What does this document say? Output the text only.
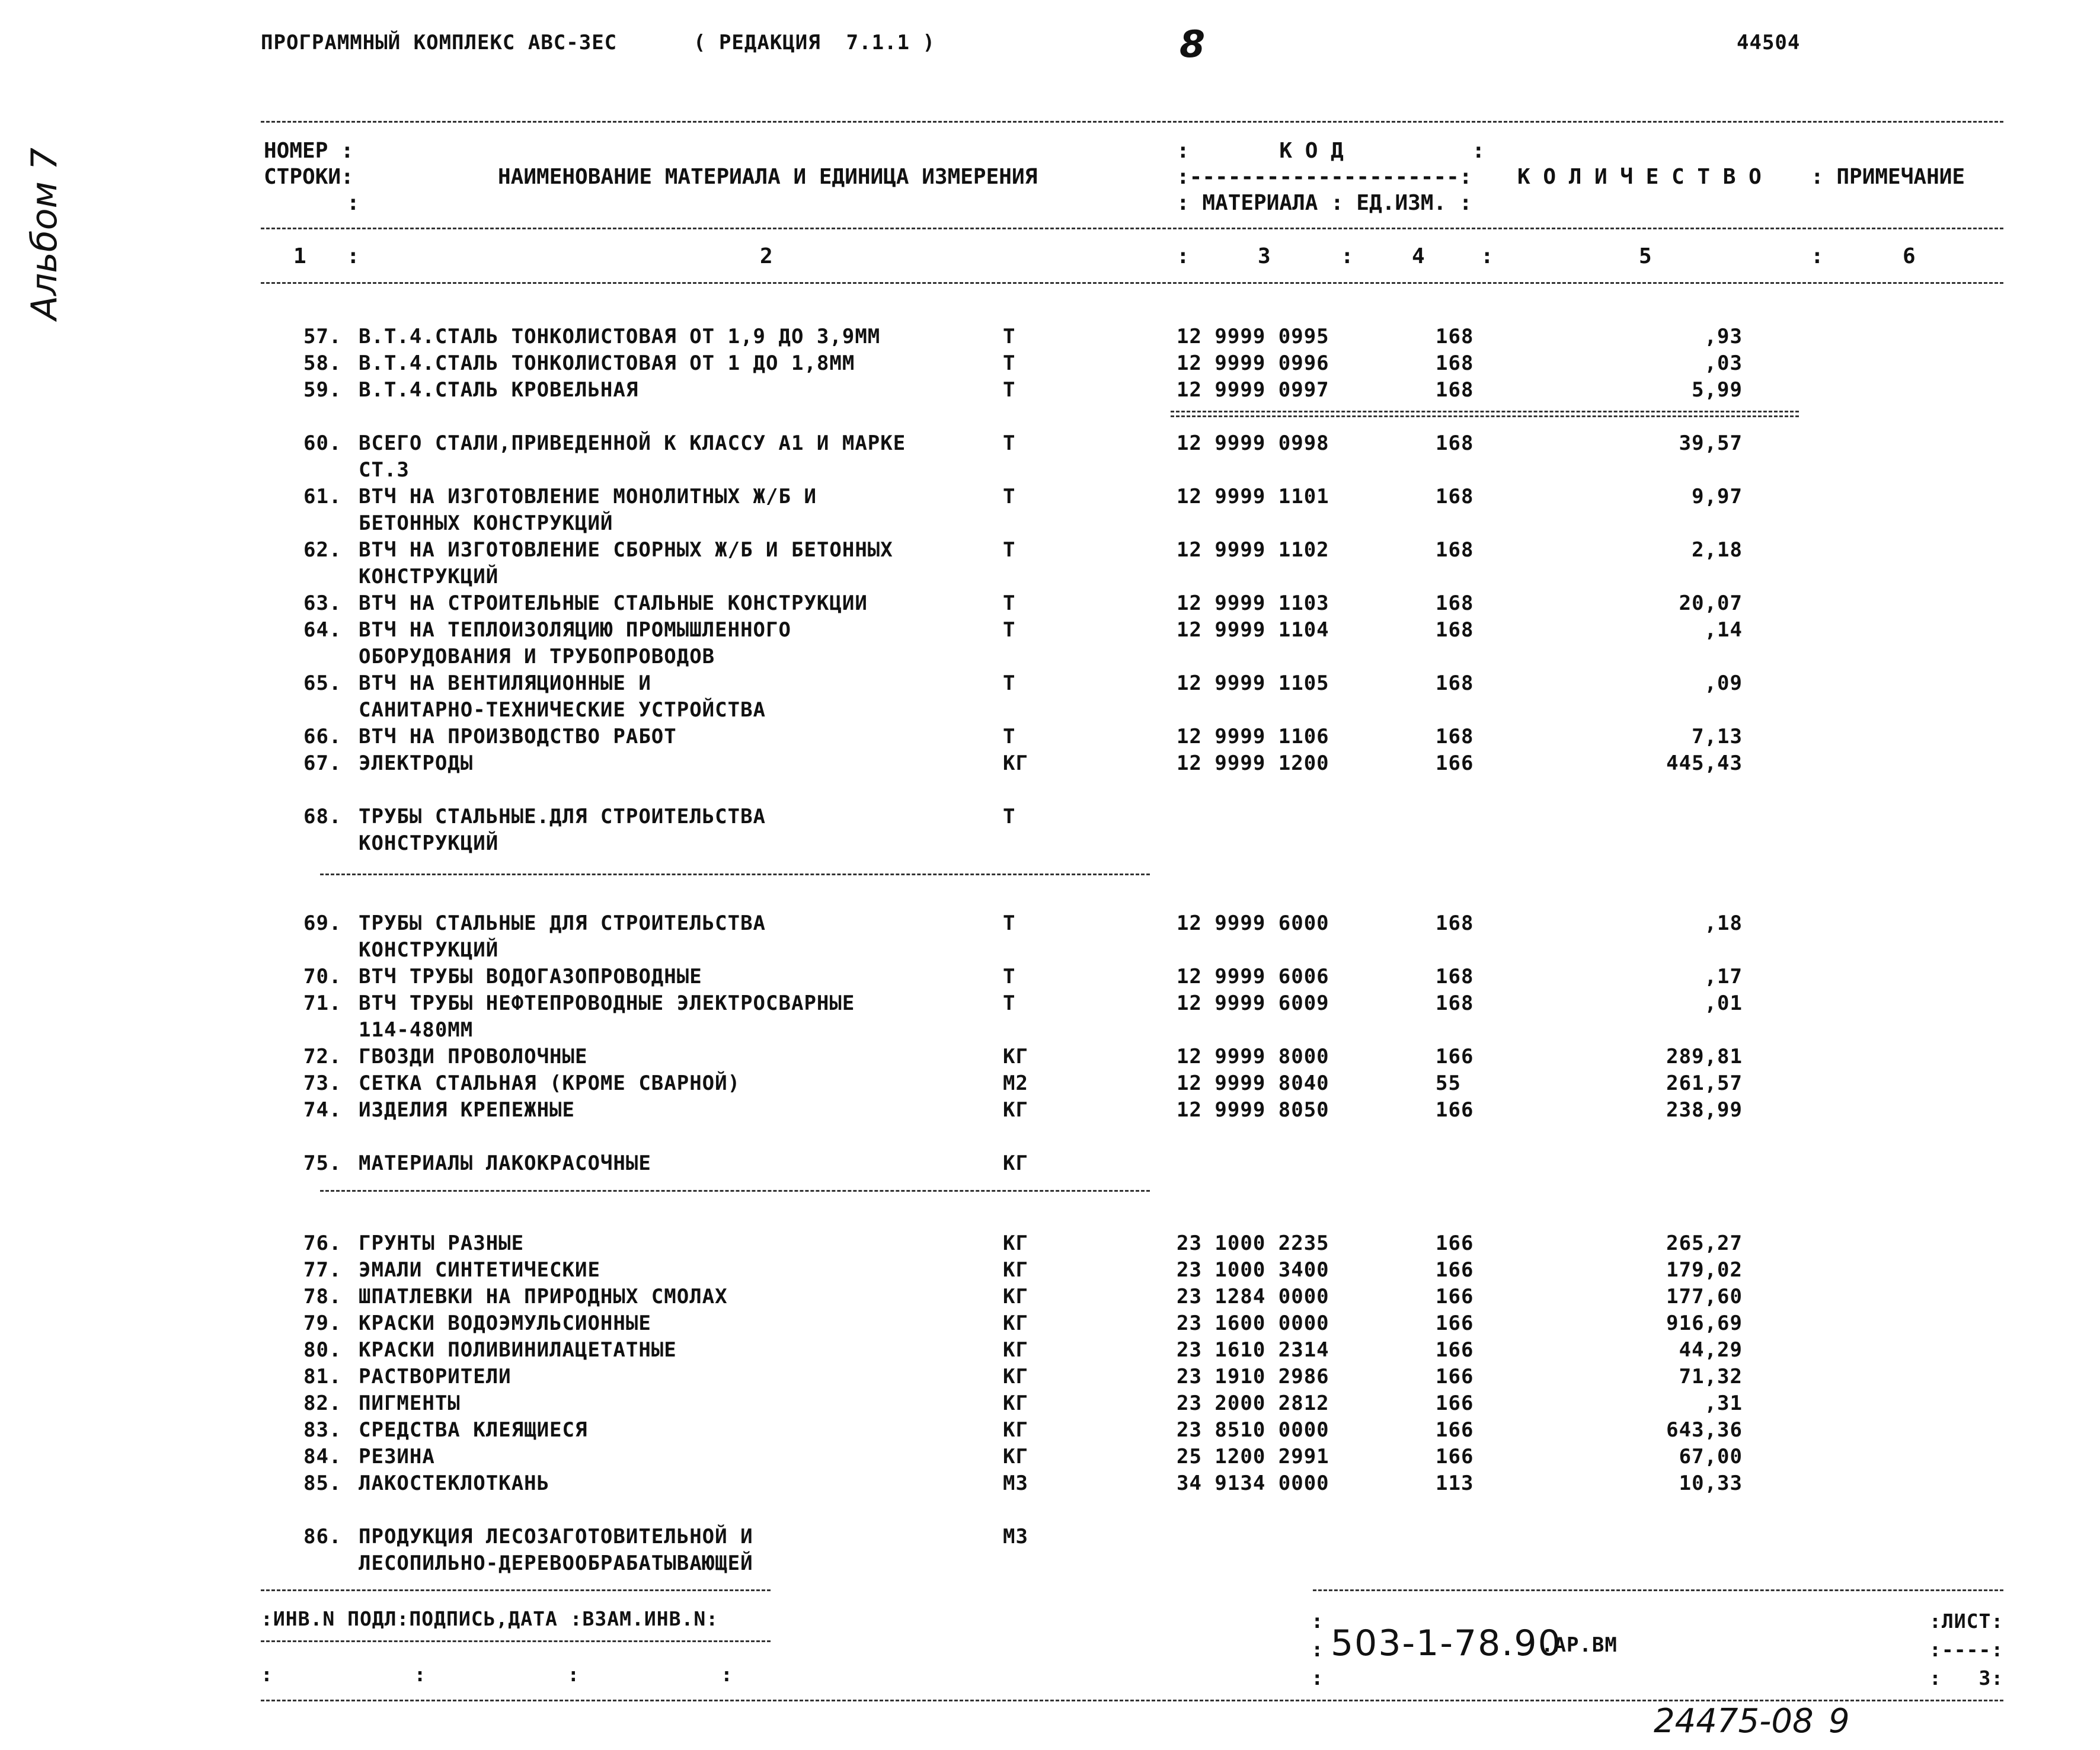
ПРОГРАММНЫЙ КОМПЛЕКС АВС-3ЕС	( РЕДАКЦИЯ  7.1.1 )	8	44504
Альбом 7	НОМЕР :
СТРОКИ:
:
НАИМЕНОВАНИЕ МАТЕРИАЛА И ЕДИНИЦА ИЗМЕРЕНИЯ
:       К О Д          :
:---------------------:
: МАТЕРИАЛА : ЕД.ИЗМ. :
К О Л И Ч Е С Т В О : ПРИМЕЧАНИЕ
1 :	2	:	3	:	4	:	5	:	6
57. В.Т.4.СТАЛЬ ТОНКОЛИСТОВАЯ ОТ 1,9 ДО 3,9ММ	Т	12 9999 0995	168	,93
58. В.Т.4.СТАЛЬ ТОНКОЛИСТОВАЯ ОТ 1 ДО 1,8ММ	Т	12 9999 0996	168	,03
59. В.Т.4.СТАЛЬ КРОВЕЛЬНАЯ	Т	12 9999 0997	168	5,99
60. ВСЕГО СТАЛИ,ПРИВЕДЕННОЙ К КЛАССУ А1 И МАРКЕ
СТ.3
Т	12 9999 0998	168	39,57
61. ВТЧ НА ИЗГОТОВЛЕНИЕ МОНОЛИТНЫХ Ж/Б И
БЕТОННЫХ КОНСТРУКЦИЙ
Т	12 9999 1101	168	9,97
62. ВТЧ НА ИЗГОТОВЛЕНИЕ СБОРНЫХ Ж/Б И БЕТОННЫХ
КОНСТРУКЦИЙ
Т	12 9999 1102	168	2,18
63. ВТЧ НА СТРОИТЕЛЬНЫЕ СТАЛЬНЫЕ КОНСТРУКЦИИ	Т	12 9999 1103	168	20,07
64. ВТЧ НА ТЕПЛОИЗОЛЯЦИЮ ПРОМЫШЛЕННОГО
ОБОРУДОВАНИЯ И ТРУБОПРОВОДОВ
Т	12 9999 1104	168	,14
65. ВТЧ НА ВЕНТИЛЯЦИОННЫЕ И
САНИТАРНО-ТЕХНИЧЕСКИЕ УСТРОЙСТВА
Т	12 9999 1105	168	,09
66. ВТЧ НА ПРОИЗВОДСТВО РАБОТ	Т	12 9999 1106	168	7,13
67. ЭЛЕКТРОДЫ	КГ	12 9999 1200	166	445,43
68. ТРУБЫ СТАЛЬНЫЕ.ДЛЯ СТРОИТЕЛЬСТВА
КОНСТРУКЦИЙ
Т
69. ТРУБЫ СТАЛЬНЫЕ ДЛЯ СТРОИТЕЛЬСТВА
КОНСТРУКЦИЙ
Т	12 9999 6000	168	,18
70. ВТЧ ТРУБЫ ВОДОГАЗОПРОВОДНЫЕ	Т	12 9999 6006	168	,17
71. ВТЧ ТРУБЫ НЕФТЕПРОВОДНЫЕ ЭЛЕКТРОСВАРНЫЕ
114-480ММ
Т	12 9999 6009	168	,01
72. ГВОЗДИ ПРОВОЛОЧНЫЕ	КГ	12 9999 8000	166	289,81
73. СЕТКА СТАЛЬНАЯ (КРОМЕ СВАРНОЙ)	М2	12 9999 8040	55	261,57
74. ИЗДЕЛИЯ КРЕПЕЖНЫЕ	КГ	12 9999 8050	166	238,99
75. МАТЕРИАЛЫ ЛАКОКРАСОЧНЫЕ	КГ
76. ГРУНТЫ РАЗНЫЕ	КГ	23 1000 2235	166	265,27
77. ЭМАЛИ СИНТЕТИЧЕСКИЕ	КГ	23 1000 3400	166	179,02
78. ШПАТЛЕВКИ НА ПРИРОДНЫХ СМОЛАХ	КГ	23 1284 0000	166	177,60
79. КРАСКИ ВОДОЭМУЛЬСИОННЫЕ	КГ	23 1600 0000	166	916,69
80. КРАСКИ ПОЛИВИНИЛАЦЕТАТНЫЕ	КГ	23 1610 2314	166	44,29
81. РАСТВОРИТЕЛИ	КГ	23 1910 2986	166	71,32
82. ПИГМЕНТЫ	КГ	23 2000 2812	166	,31
83. СРЕДСТВА КЛЕЯЩИЕСЯ	КГ	23 8510 0000	166	643,36
84. РЕЗИНА	КГ	25 1200 2991	166	67,00
85. ЛАКОСТЕКЛОТКАНЬ	М3	34 9134 0000	113	10,33
86. ПРОДУКЦИЯ ЛЕСОЗАГОТОВИТЕЛЬНОЙ И
ЛЕСОПИЛЬНО-ДЕРЕВООБРАБАТЫВАЮЩЕЙ
М3
:ИНВ.N ПОДЛ:ПОДПИСЬ,ДАТА :ВЗАМ.ИНВ.N:
:         :         :         :
:
:
:
503-1-78.90
.АР.ВМ
:ЛИСТ:
:----:
:   3:
24475-08 9
